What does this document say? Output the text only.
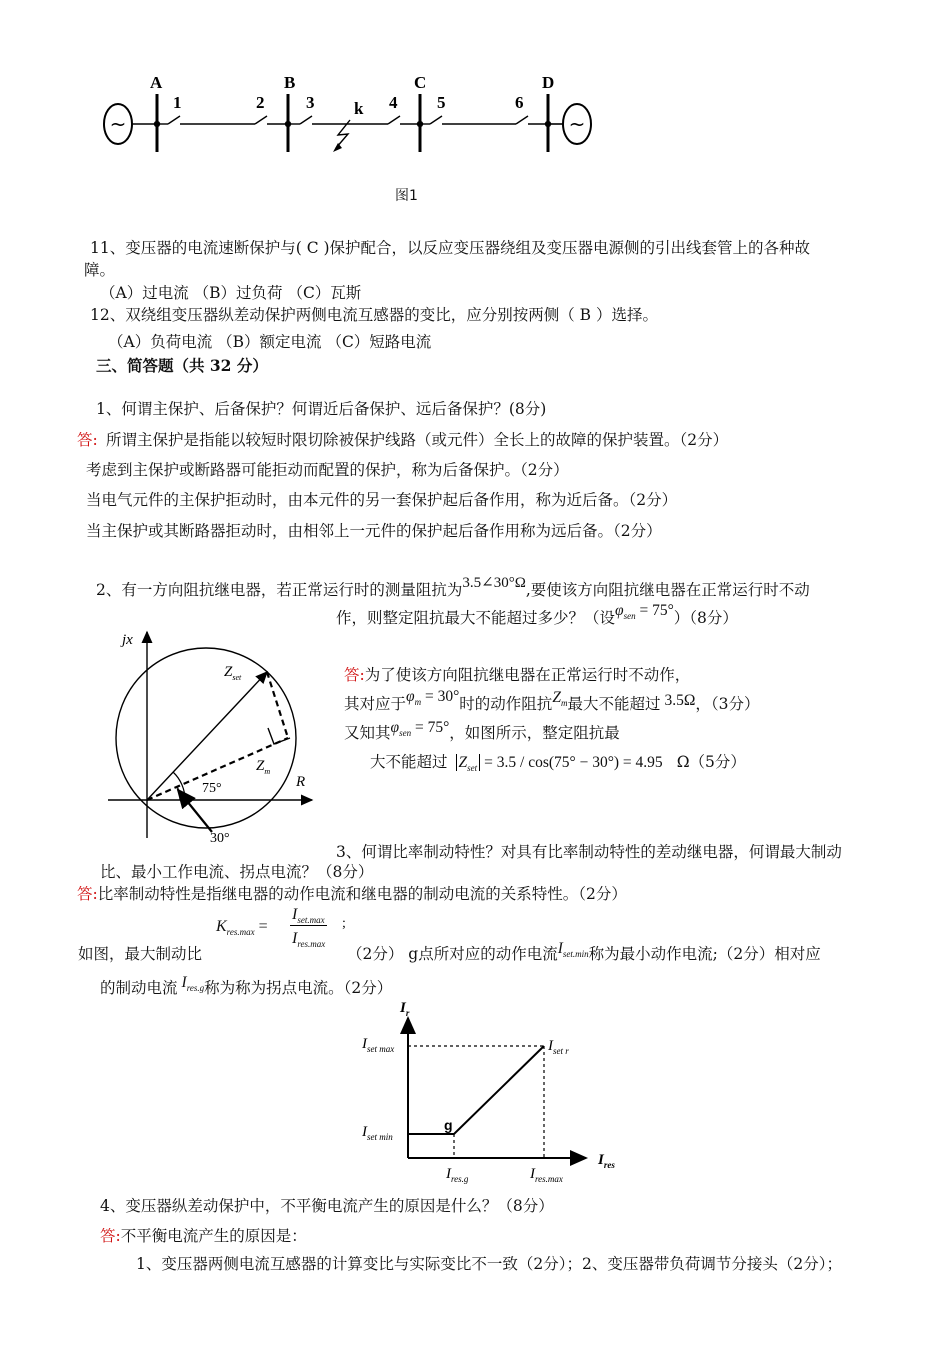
~	~
A	B	C	D
1	2 3	4 5	6
k
图1
11、变压器的电流速断保护与( C )保护配合，以反应变压器绕组及变压器电源侧的引出线套管上的各种故
障。
（A）过电流 （B）过负荷 （C）瓦斯
12、双绕组变压器纵差动保护两侧电流互感器的变比，应分别按两侧（ B ）选择。
（A）负荷电流 （B）额定电流 （C）短路电流
三、简答题（共 32 分）
1、何谓主保护、后备保护？何谓近后备保护、远后备保护？(8分)
答: 所谓主保护是指能以较短时限切除被保护线路（或元件）全长上的故障的保护装置。（2分）
考虑到主保护或断路器可能拒动而配置的保护，称为后备保护。（2分）
当电气元件的主保护拒动时，由本元件的另一套保护起后备作用，称为近后备。（2分）
当主保护或其断路器拒动时，由相邻上一元件的保护起后备作用称为远后备。（2分）
2、有一方向阻抗继电器，若正常运行时的测量阻抗为3.5∠30°Ω,要使该方向阻抗继电器在正常运行时不动
作，则整定阻抗最大不能超过多少？（设$\varphi_{sen} = 75^\circ)(8$分）
jx
R
$Z_{set}$
$Z_m$
75°
30°
答:为了使该方向阻抗继电器在正常运行时不动作，
其对应于$\varphi_m = 30^\circ$时的动作阻抗$Z_m$最大不能超过 3.5Ω，（3分）
又知其$\varphi_{sen} = 75^\circ$，如图所示，整定阻抗最
大不能超过 $Z_{set} = 3.5 / \cos(75^\circ - 30^\circ) = 4.95$ Ω（5分）
3、何谓比率制动特性？对具有比率制动特性的差动继电器，何谓最大制动
比、最小工作电流、拐点电流？（8分）
答:比率制动特性是指继电器的动作电流和继电器的制动电流的关系特性。（2分）
$K_{res.max}$ =
$I_{set.max}$
$I_{res.max}$
;
如图，最大制动比	（2分） g点所对应的动作电流$I_{set.min}$称为最小动作电流;（2分）相对应
的制动电流 $I_{res.g}$称为称为拐点电流。（2分）
$I_r$
$I_{res}$
$I_{set max}$
$I_{set min}$
$I_{res.g}$	$I_{res.max}$
$I_{set r}$
g
4、变压器纵差动保护中，不平衡电流产生的原因是什么？（8分）
答:不平衡电流产生的原因是：
1、变压器两侧电流互感器的计算变比与实际变比不一致（2分）；2、变压器带负荷调节分接头（2分）；
